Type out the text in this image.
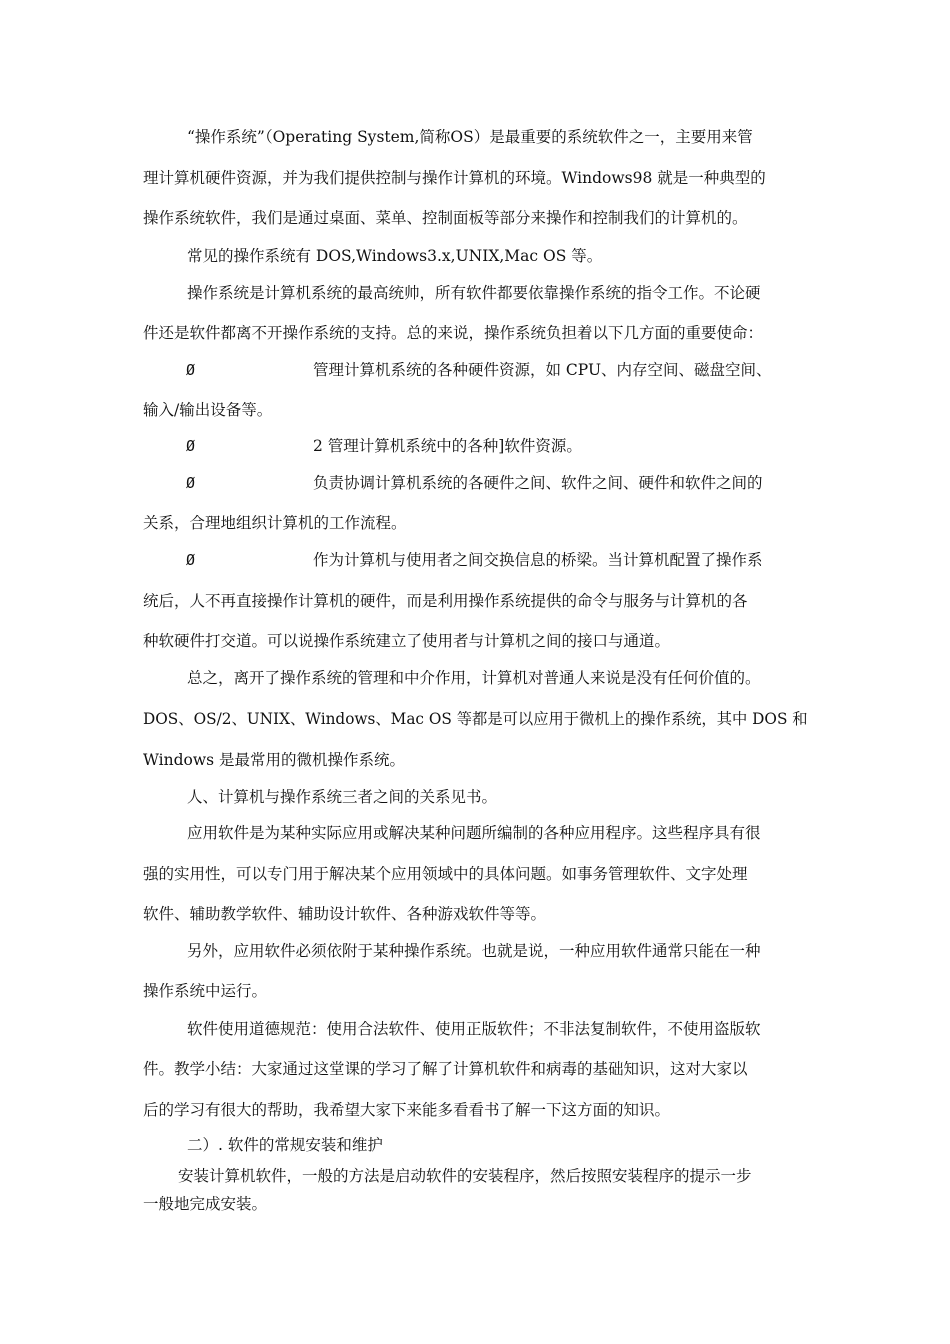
“操作系统”（Operating System,简称OS）是最重要的系统软件之一，主要用来管
理计算机硬件资源，并为我们提供控制与操作计算机的环境。Windows98 就是一种典型的
操作系统软件，我们是通过桌面、菜单、控制面板等部分来操作和控制我们的计算机的。
常见的操作系统有 DOS,Windows3.x,UNIX,Mac OS 等。
操作系统是计算机系统的最高统帅，所有软件都要依靠操作系统的指令工作。不论硬
件还是软件都离不开操作系统的支持。总的来说，操作系统负担着以下几方面的重要使命：
Ø	管理计算机系统的各种硬件资源，如 CPU、内存空间、磁盘空间、
输入/输出设备等。
Ø	2 管理计算机系统中的各种]软件资源。
Ø	负责协调计算机系统的各硬件之间、软件之间、硬件和软件之间的
关系，合理地组织计算机的工作流程。
Ø	作为计算机与使用者之间交换信息的桥梁。当计算机配置了操作系
统后，人不再直接操作计算机的硬件，而是利用操作系统提供的命令与服务与计算机的各
种软硬件打交道。可以说操作系统建立了使用者与计算机之间的接口与通道。
总之，离开了操作系统的管理和中介作用，计算机对普通人来说是没有任何价值的。
DOS、OS/2、UNIX、Windows、Mac OS 等都是可以应用于微机上的操作系统，其中 DOS 和
Windows 是最常用的微机操作系统。
人、计算机与操作系统三者之间的关系见书。
应用软件是为某种实际应用或解决某种问题所编制的各种应用程序。这些程序具有很
强的实用性，可以专门用于解决某个应用领域中的具体问题。如事务管理软件、文字处理
软件、辅助教学软件、辅助设计软件、各种游戏软件等等。
另外，应用软件必须依附于某种操作系统。也就是说，一种应用软件通常只能在一种
操作系统中运行。
软件使用道德规范：使用合法软件、使用正版软件；不非法复制软件，不使用盗版软
件。教学小结：大家通过这堂课的学习了解了计算机软件和病毒的基础知识，这对大家以
后的学习有很大的帮助，我希望大家下来能多看看书了解一下这方面的知识。
二）. 软件的常规安装和维护
安装计算机软件，一般的方法是启动软件的安装程序，然后按照安装程序的提示一步
一般地完成安装。
